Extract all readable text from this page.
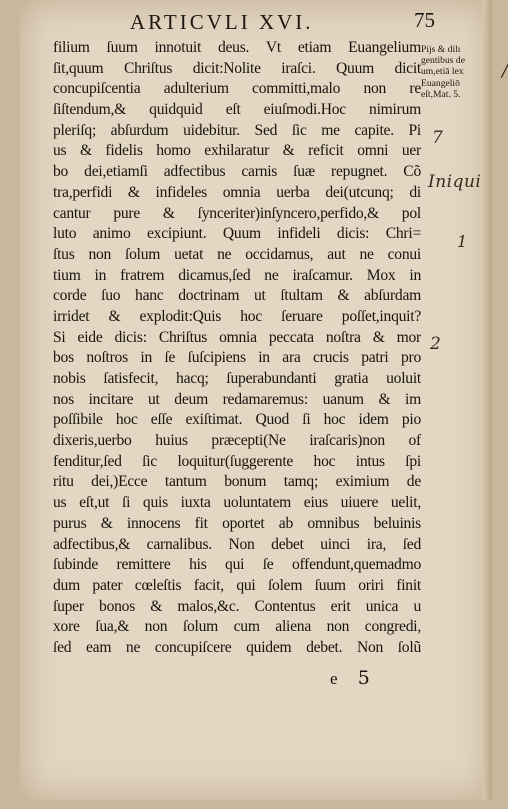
ARTICVLI XVI.	75
filium ſuum innotuit deus. Vt etiam Euangelium
ſit,quum Chriſtus dicit:Nolite iraſci. Quum dicit
concupiſcentia adulterium committi,malo non re
ſiſtendum,& quidquid eſt eiuſmodi.Hoc nimirum
pleriſq; abſurdum uidebitur. Sed ſic me capite. Pi
us & fidelis homo exhilaratur & reficit omni uer
bo dei,etiamſi adfectibus carnis ſuæ repugnet. Cõ
tra,perfidi & infideles omnia uerba dei(utcunq; di
cantur pure & ſynceriter)inſyncero,perfido,& pol
luto animo excipiunt. Quum infideli dicis: Chri=
ſtus non ſolum uetat ne occidamus, aut ne conui
tium in fratrem dicamus,ſed ne iraſcamur. Mox in
corde ſuo hanc doctrinam ut ſtultam & abſurdam
irridet & explodit:Quis hoc ſeruare poſſet,inquit?
Si eide dicis: Chriſtus omnia peccata noſtra & mor
bos noſtros in ſe ſuſcipiens in ara crucis patri pro
nobis ſatisfecit, hacq; ſuperabundanti gratia uoluit
nos incitare ut deum redamaremus: uanum & im
poſſibile hoc eſſe exiſtimat. Quod ſi hoc idem pio
dixeris,uerbo huius præcepti(Ne iraſcaris)non of
fenditur,ſed ſic loquitur(ſuggerente hoc intus ſpi
ritu dei,)Ecce tantum bonum tamq; eximium de
us eſt,ut ſi quis iuxta uoluntatem eius uiuere uelit,
purus & innocens fit oportet ab omnibus beluinis
adfectibus,& carnalibus. Non debet uinci ira, ſed
ſubinde remittere his qui ſe offendunt,quemadmo
dum pater cœleſtis facit, qui ſolem ſuum oriri finit
ſuper bonos & malos,&c. Contentus erit unica u
xore ſua,& non ſolum cum aliena non congredi,
ſed eam ne concupiſcere quidem debet. Non ſolũ
Pijs & dilı
gentibus de
um,etiā lex
Euangeliō
eſt,Mat. 5.
/
7
Iniqui
1
2
e 5
